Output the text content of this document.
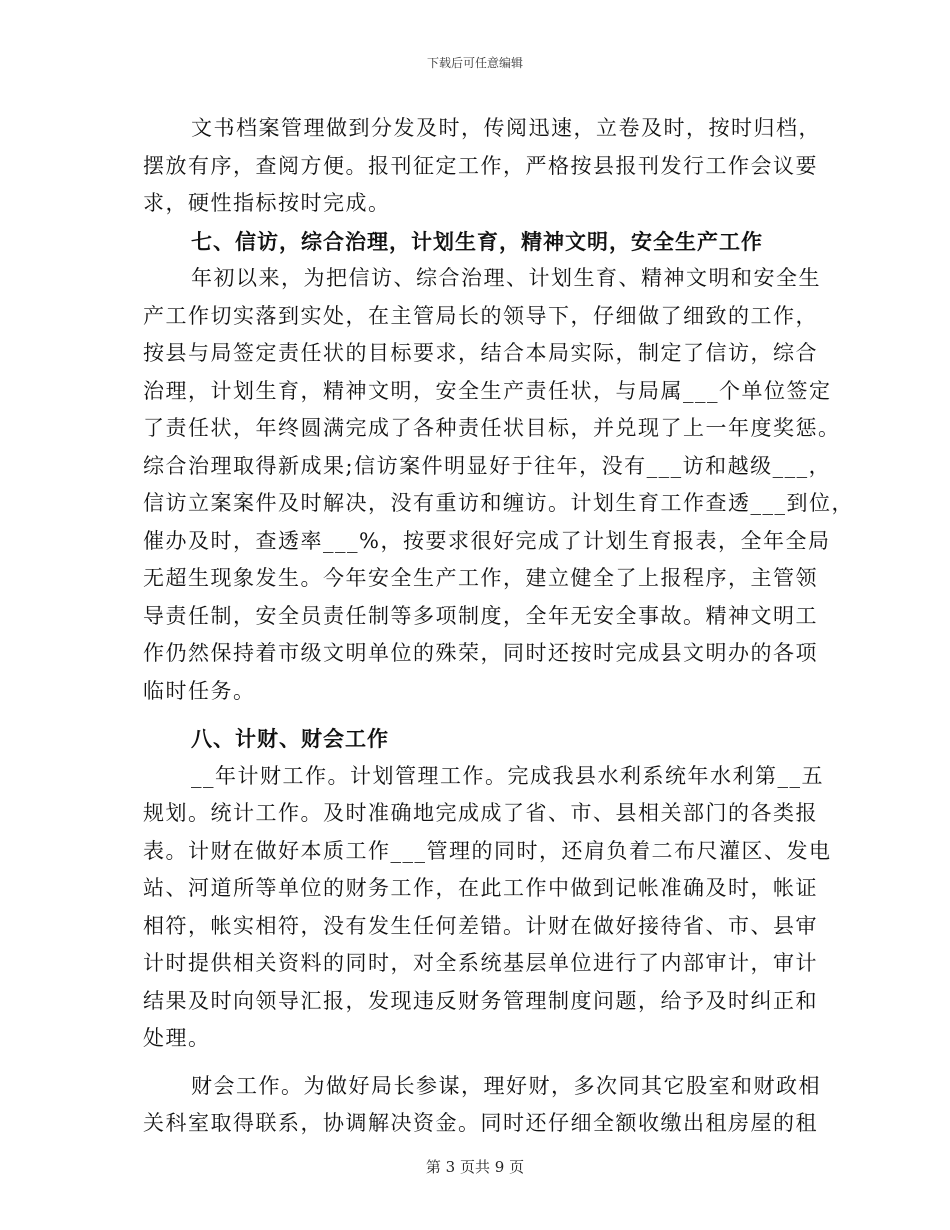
下载后可任意编辑
文书档案管理做到分发及时，传阅迅速，立卷及时，按时归档，
摆放有序，查阅方便。报刊征定工作，严格按县报刊发行工作会议要
求，硬性指标按时完成。
七、信访，综合治理，计划生育，精神文明，安全生产工作
年初以来，为把信访、综合治理、计划生育、精神文明和安全生
产工作切实落到实处，在主管局长的领导下，仔细做了细致的工作，
按县与局签定责任状的目标要求，结合本局实际，制定了信访，综合
治理，计划生育，精神文明，安全生产责任状，与局属___个单位签定
了责任状，年终圆满完成了各种责任状目标，并兑现了上一年度奖惩。
综合治理取得新成果;信访案件明显好于往年，没有___访和越级___，
信访立案案件及时解决，没有重访和缠访。计划生育工作查透___到位，
催办及时，查透率___%，按要求很好完成了计划生育报表，全年全局
无超生现象发生。今年安全生产工作，建立健全了上报程序，主管领
导责任制，安全员责任制等多项制度，全年无安全事故。精神文明工
作仍然保持着市级文明单位的殊荣，同时还按时完成县文明办的各项
临时任务。
八、计财、财会工作
__年计财工作。计划管理工作。完成我县水利系统年水利第__五
规划。统计工作。及时准确地完成成了省、市、县相关部门的各类报
表。计财在做好本质工作___管理的同时，还肩负着二布尺灌区、发电
站、河道所等单位的财务工作，在此工作中做到记帐准确及时，帐证
相符，帐实相符，没有发生任何差错。计财在做好接待省、市、县审
计时提供相关资料的同时，对全系统基层单位进行了内部审计，审计
结果及时向领导汇报，发现违反财务管理制度问题，给予及时纠正和
处理。
财会工作。为做好局长参谋，理好财，多次同其它股室和财政相
关科室取得联系，协调解决资金。同时还仔细全额收缴出租房屋的租
第 3 页共 9 页
